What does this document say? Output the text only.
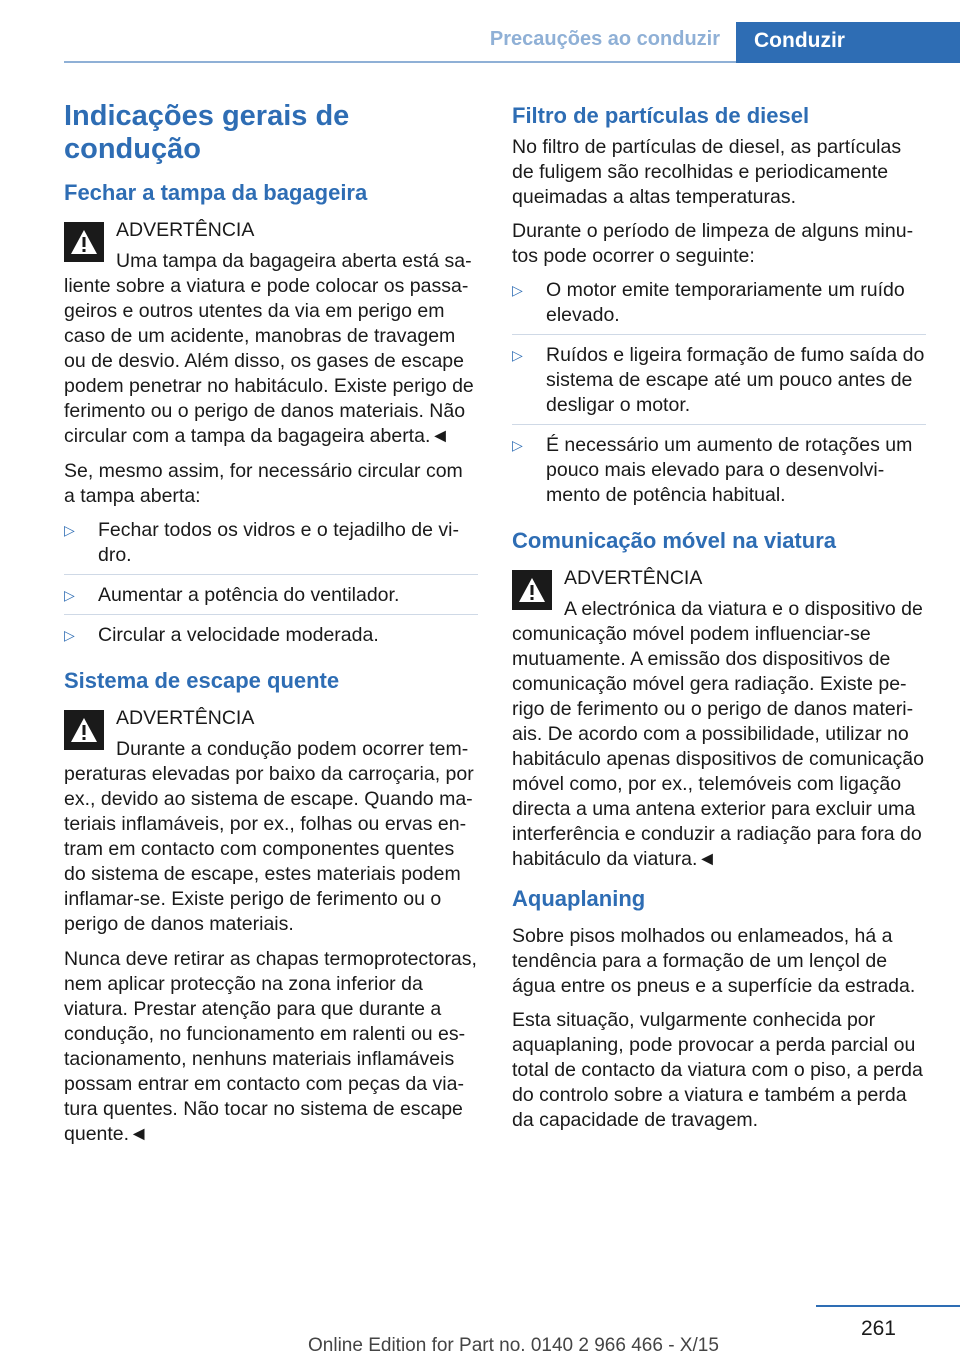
Precauções ao conduzir	Conduzir
Indicações gerais de condução
Fechar a tampa da bagageira
ADVERTÊNCIA

Uma tampa da bagageira aberta está saliente sobre a viatura e pode colocar os passageiros e outros utentes da via em perigo em caso de um acidente, manobras de travagem ou de desvio. Além disso, os gases de escape podem penetrar no habitáculo. Existe perigo de ferimento ou o perigo de danos materiais. Não circular com a tampa da bagageira aberta.◄

Se, mesmo assim, for necessário circular com a tampa aberta:

▷ Fechar todos os vidros e o tejadilho de vidro.
▷ Aumentar a potência do ventilador.
▷ Circular a velocidade moderada.
Sistema de escape quente
ADVERTÊNCIA

Durante a condução podem ocorrer temperaturas elevadas por baixo da carroçaria, por ex., devido ao sistema de escape. Quando materiais inflamáveis, por ex., folhas ou ervas entram em contacto com componentes quentes do sistema de escape, estes materiais podem inflamar-se. Existe perigo de ferimento ou o perigo de danos materiais.

Nunca deve retirar as chapas termoprotectoras, nem aplicar protecção na zona inferior da viatura. Prestar atenção para que durante a condução, no funcionamento em ralenti ou estacionamento, nenhuns materiais inflamáveis possam entrar em contacto com peças da viatura quentes. Não tocar no sistema de escape quente.◄

Filtro de partículas de diesel

No filtro de partículas de diesel, as partículas de fuligem são recolhidas e periodicamente queimadas a altas temperaturas.

Durante o período de limpeza de alguns minutos pode ocorrer o seguinte:

▷ O motor emite temporariamente um ruído elevado.
▷ Ruídos e ligeira formação de fumo saída do sistema de escape até um pouco antes de desligar o motor.
▷ É necessário um aumento de rotações um pouco mais elevado para o desenvolvimento de potência habitual.
Comunicação móvel na viatura
ADVERTÊNCIA

A electrónica da viatura e o dispositivo de comunicação móvel podem influenciar-se mutuamente. A emissão dos dispositivos de comunicação móvel gera radiação. Existe perigo de ferimento ou o perigo de danos materiais. De acordo com a possibilidade, utilizar no habitáculo apenas dispositivos de comunicação móvel como, por ex., telemóveis com ligação directa a uma antena exterior para excluir uma interferência e conduzir a radiação para fora do habitáculo da viatura.◄

Aquaplaning

Sobre pisos molhados ou enlameados, há a tendência para a formação de um lençol de água entre os pneus e a superfície da estrada.

Esta situação, vulgarmente conhecida por aquaplaning, pode provocar a perda parcial ou total de contacto da viatura com o piso, a perda do controlo sobre a viatura e também a perda da capacidade de travagem.

261
Online Edition for Part no. 0140 2 966 466 - X/15
